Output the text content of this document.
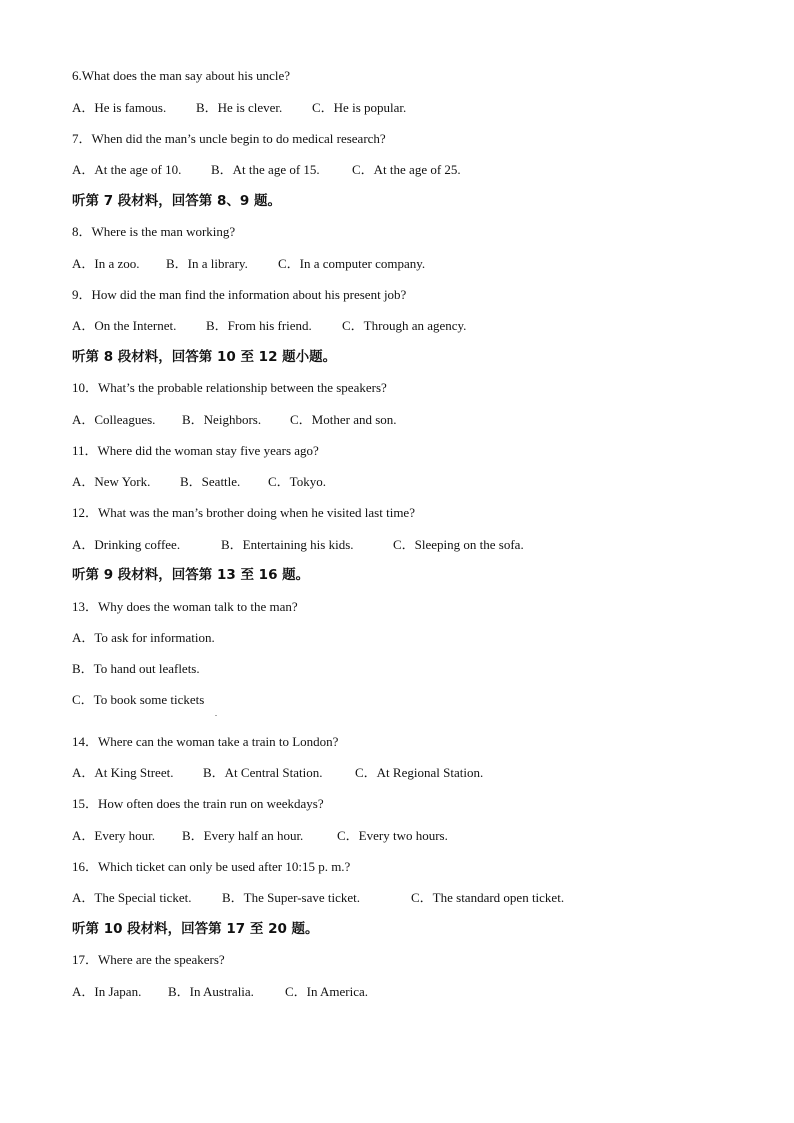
6.What does the man say about his uncle?
A．He is famous. B．He is clever. C．He is popular.
7．When did the man’s uncle begin to do medical research?
A．At the age of 10. B．At the age of 15. C．At the age of 25.
听第 7 段材料，回答第 8、9 题。
8．Where is the man working?
A．In a zoo. B．In a library. C．In a computer company.
9．How did the man find the information about his present job?
A．On the Internet. B．From his friend. C．Through an agency.
听第 8 段材料，回答第 10 至 12 题小题。
10．What’s the probable relationship between the speakers?
A．Colleagues. B．Neighbors. C．Mother and son.
11．Where did the woman stay five years ago?
A．New York. B．Seattle. C．Tokyo.
12．What was the man’s brother doing when he visited last time?
A．Drinking coffee.	B．Entertaining his kids.	C．Sleeping on the sofa.
听第 9 段材料，回答第 13 至 16 题。
13．Why does the woman talk to the man?
A．To ask for information.
B．To hand out leaflets.
C．To book some tickets
.
14．Where can the woman take a train to London?
A．At King Street. B．At Central Station. C．At Regional Station.
15．How often does the train run on weekdays?
A．Every hour. B．Every half an hour.	C．Every two hours.
16．Which ticket can only be used after 10:15 p. m.?
A．The Special ticket. B．The Super-save ticket.	C．The standard open ticket.
听第 10 段材料，回答第 17 至 20 题。
17．Where are the speakers?
A．In Japan. B．In Australia. C．In America.
